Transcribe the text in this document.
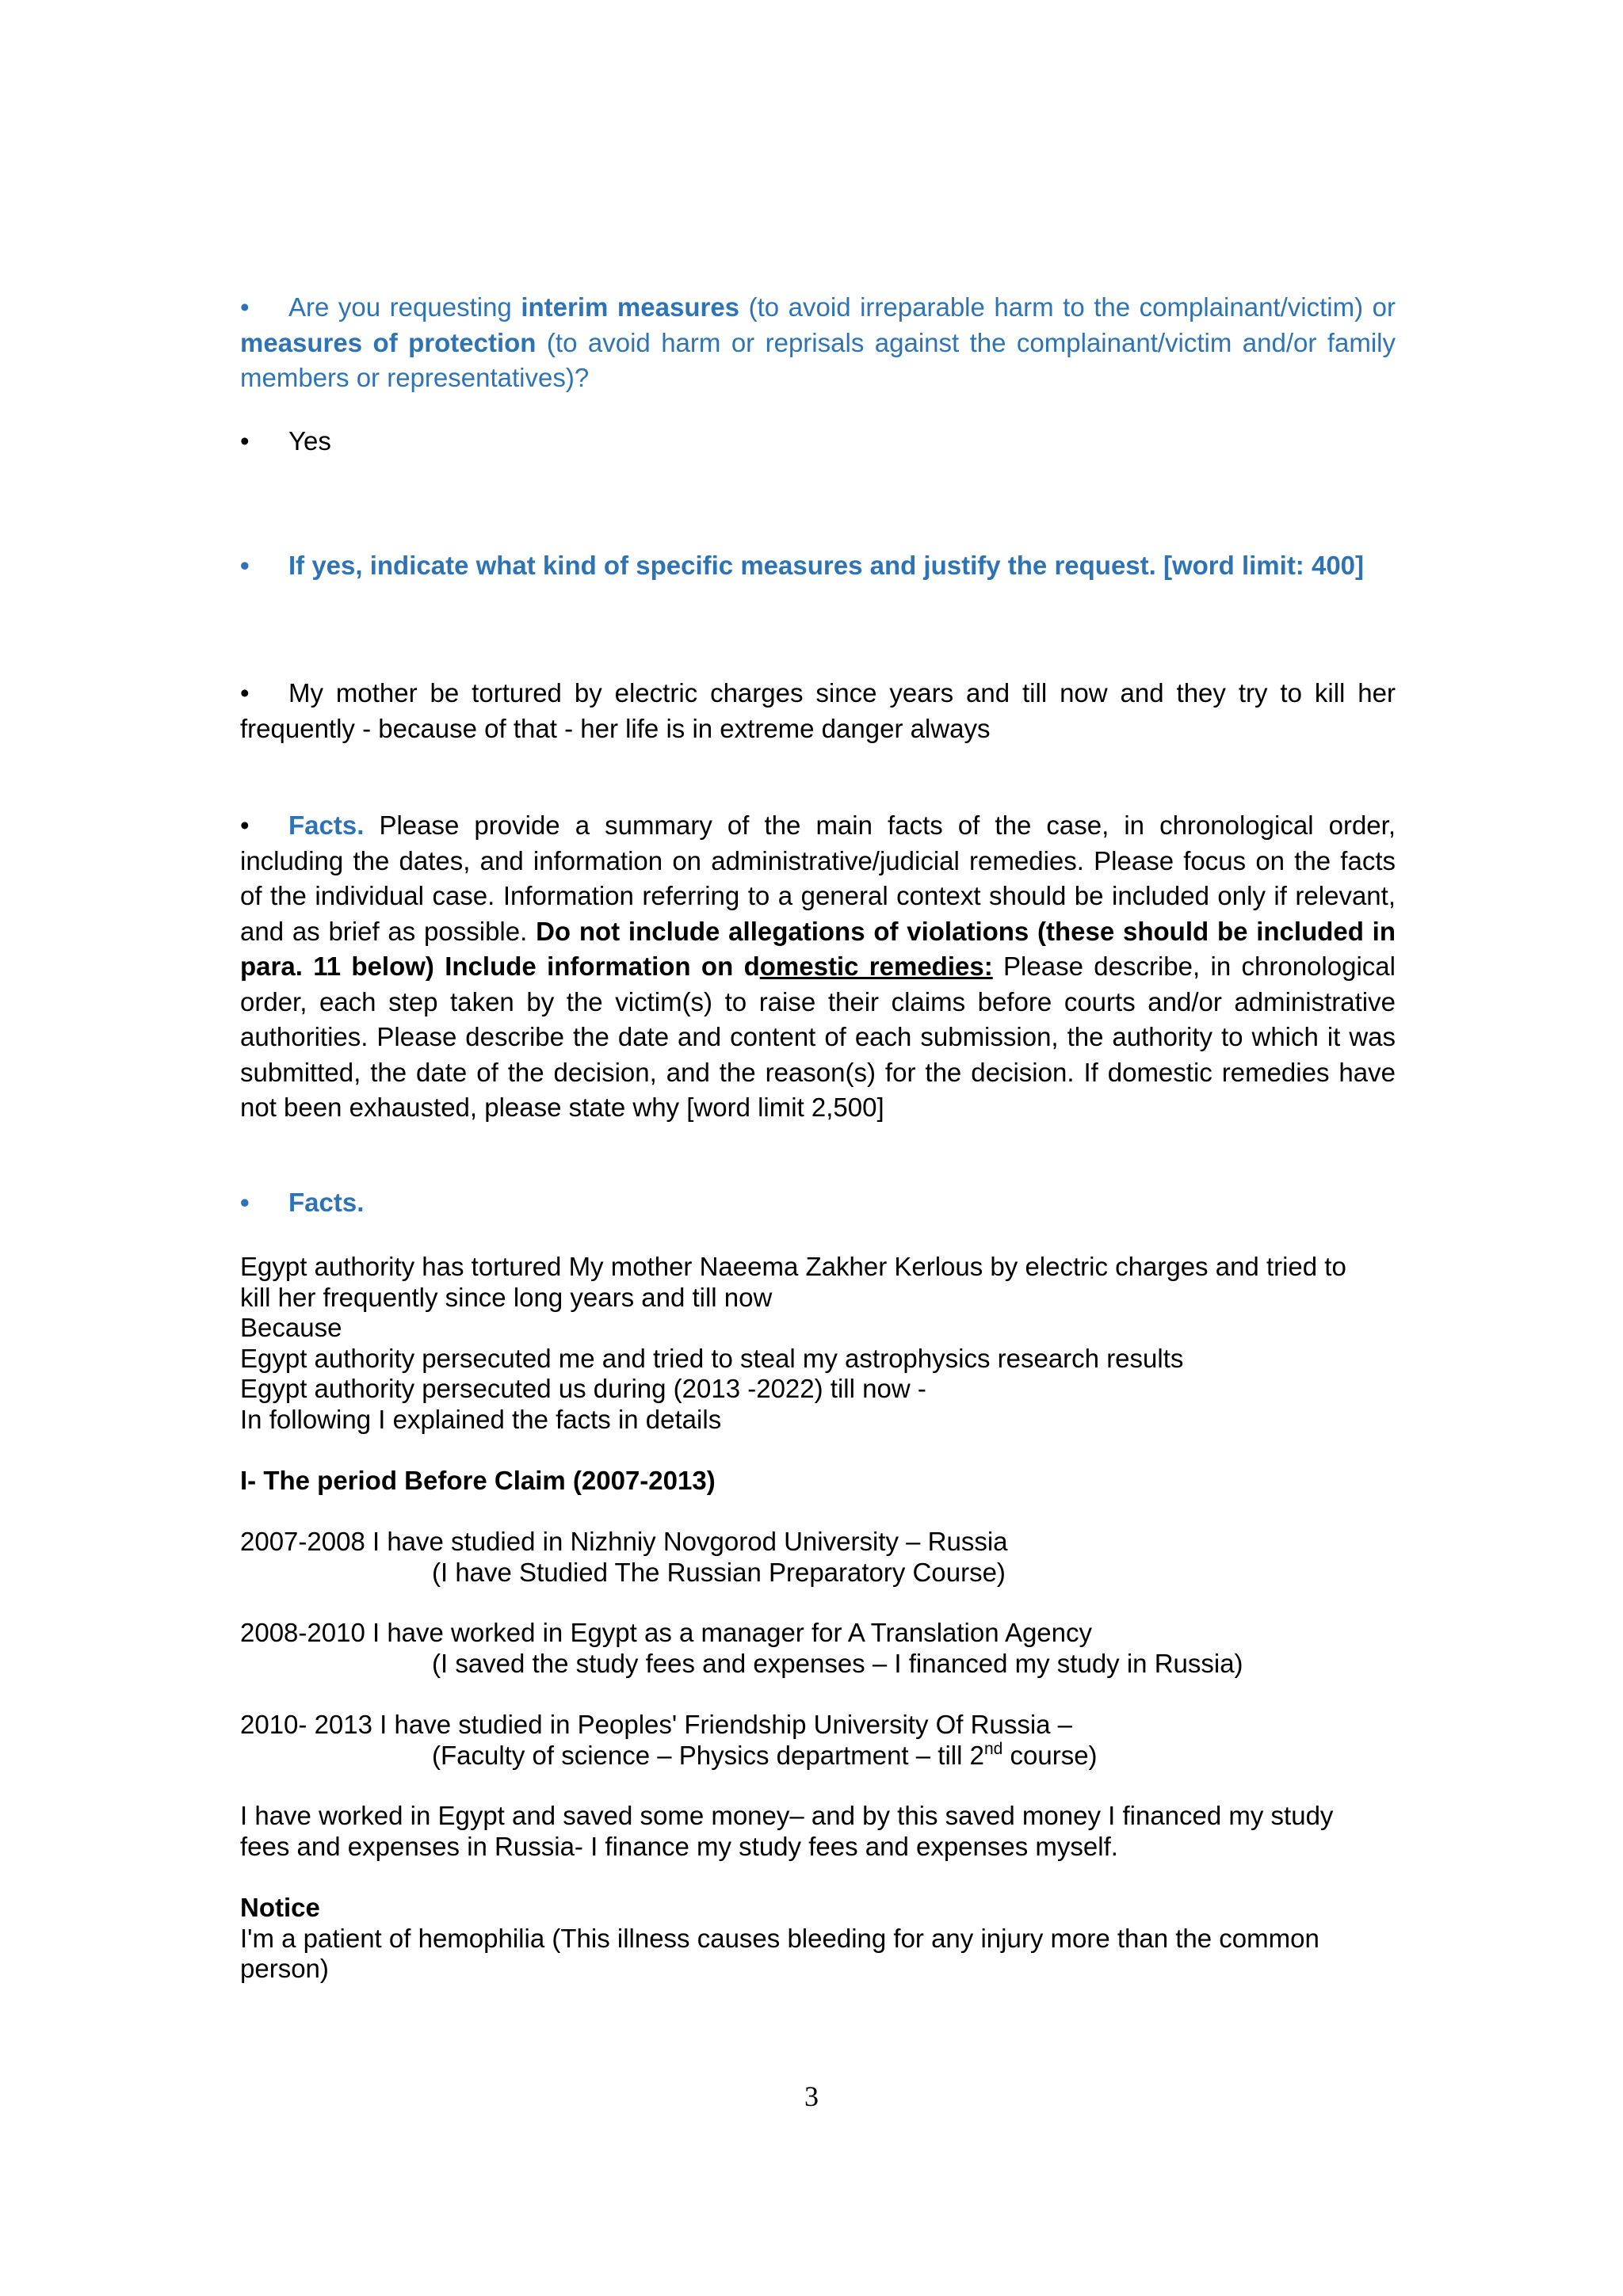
• Are you requesting interim measures (to avoid irreparable harm to the complainant/victim) or measures of protection (to avoid harm or reprisals against the complainant/victim and/or family members or representatives)?
• Yes
• If yes, indicate what kind of specific measures and justify the request. [word limit: 400]
• My mother be tortured by electric charges since years and till now and they try to kill her frequently - because of that - her life is in extreme danger always
• Facts. Please provide a summary of the main facts of the case, in chronological order, including the dates, and information on administrative/judicial remedies. Please focus on the facts of the individual case. Information referring to a general context should be included only if relevant, and as brief as possible. Do not include allegations of violations (these should be included in para. 11 below) Include information on domestic remedies: Please describe, in chronological order, each step taken by the victim(s) to raise their claims before courts and/or administrative authorities. Please describe the date and content of each submission, the authority to which it was submitted, the date of the decision, and the reason(s) for the decision. If domestic remedies have not been exhausted, please state why [word limit 2,500]
• Facts.
Egypt authority has tortured My mother Naeema Zakher Kerlous by electric charges and tried to
kill her frequently since long years and till now
Because
Egypt authority persecuted me and tried to steal my astrophysics research results
Egypt authority persecuted us during (2013 -2022) till now -
In following I explained the facts in details
I- The period Before Claim (2007-2013)
2007-2008 I have studied in Nizhniy Novgorod University – Russia
(I have Studied The Russian Preparatory Course)
2008-2010 I have worked in Egypt as a manager for A Translation Agency
(I saved the study fees and expenses – I financed my study in Russia)
2010- 2013 I have studied in Peoples' Friendship University Of Russia –
(Faculty of science – Physics department – till 2nd course)
I have worked in Egypt and saved some money– and by this saved money I financed my study
fees and expenses in Russia- I finance my study fees and expenses myself.
Notice
I'm a patient of hemophilia (This illness causes bleeding for any injury more than the common
person)
3
